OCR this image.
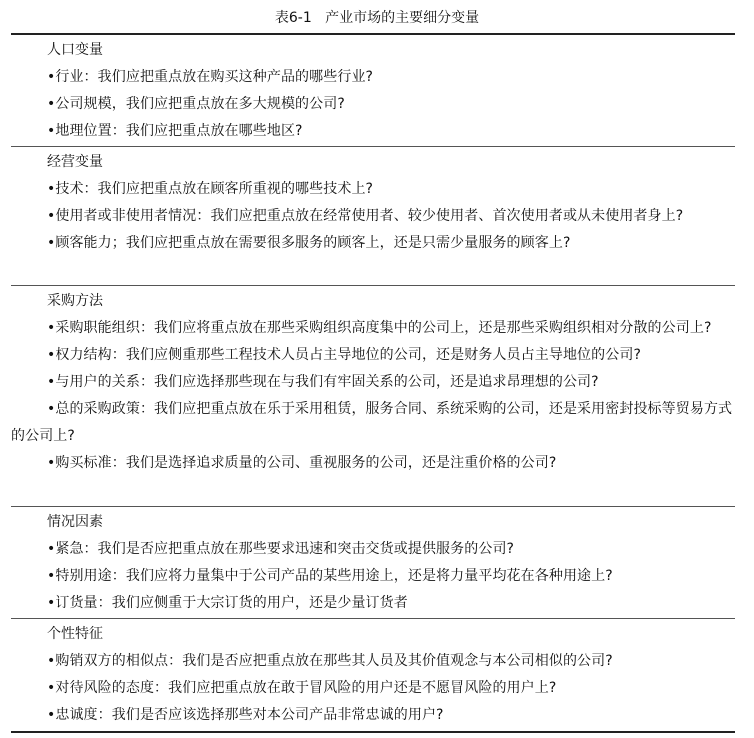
表6-1   产业市场的主要细分变量
人口变量
•行业：我们应把重点放在购买这种产品的哪些行业?
•公司规模，我们应把重点放在多大规模的公司?
•地理位置：我们应把重点放在哪些地区?
经营变量
•技术：我们应把重点放在顾客所重视的哪些技术上?
•使用者或非使用者情况：我们应把重点放在经常使用者、较少使用者、首次使用者或从未使用者身上?
•顾客能力；我们应把重点放在需要很多服务的顾客上，还是只需少量服务的顾客上?
采购方法
•采购职能组织：我们应将重点放在那些采购组织高度集中的公司上，还是那些采购组织相对分散的公司上?
•权力结构：我们应侧重那些工程技术人员占主导地位的公司，还是财务人员占主导地位的公司?
•与用户的关系：我们应选择那些现在与我们有牢固关系的公司，还是追求昂理想的公司?
•总的采购政策：我们应把重点放在乐于采用租赁，服务合同、系统采购的公司，还是采用密封投标等贸易方式的公司上?
•购买标准：我们是选择追求质量的公司、重视服务的公司，还是注重价格的公司?
情况因素
•紧急：我们是否应把重点放在那些要求迅速和突击交货或提供服务的公司?
•特别用途：我们应将力量集中于公司产品的某些用途上，还是将力量平均花在各种用途上?
•订货量：我们应侧重于大宗订货的用户，还是少量订货者
个性特征
•购销双方的相似点：我们是否应把重点放在那些其人员及其价值观念与本公司相似的公司?
•对待风险的态度：我们应把重点放在敢于冒风险的用户还是不愿冒风险的用户上?
•忠诚度：我们是否应该选择那些对本公司产品非常忠诚的用户?
